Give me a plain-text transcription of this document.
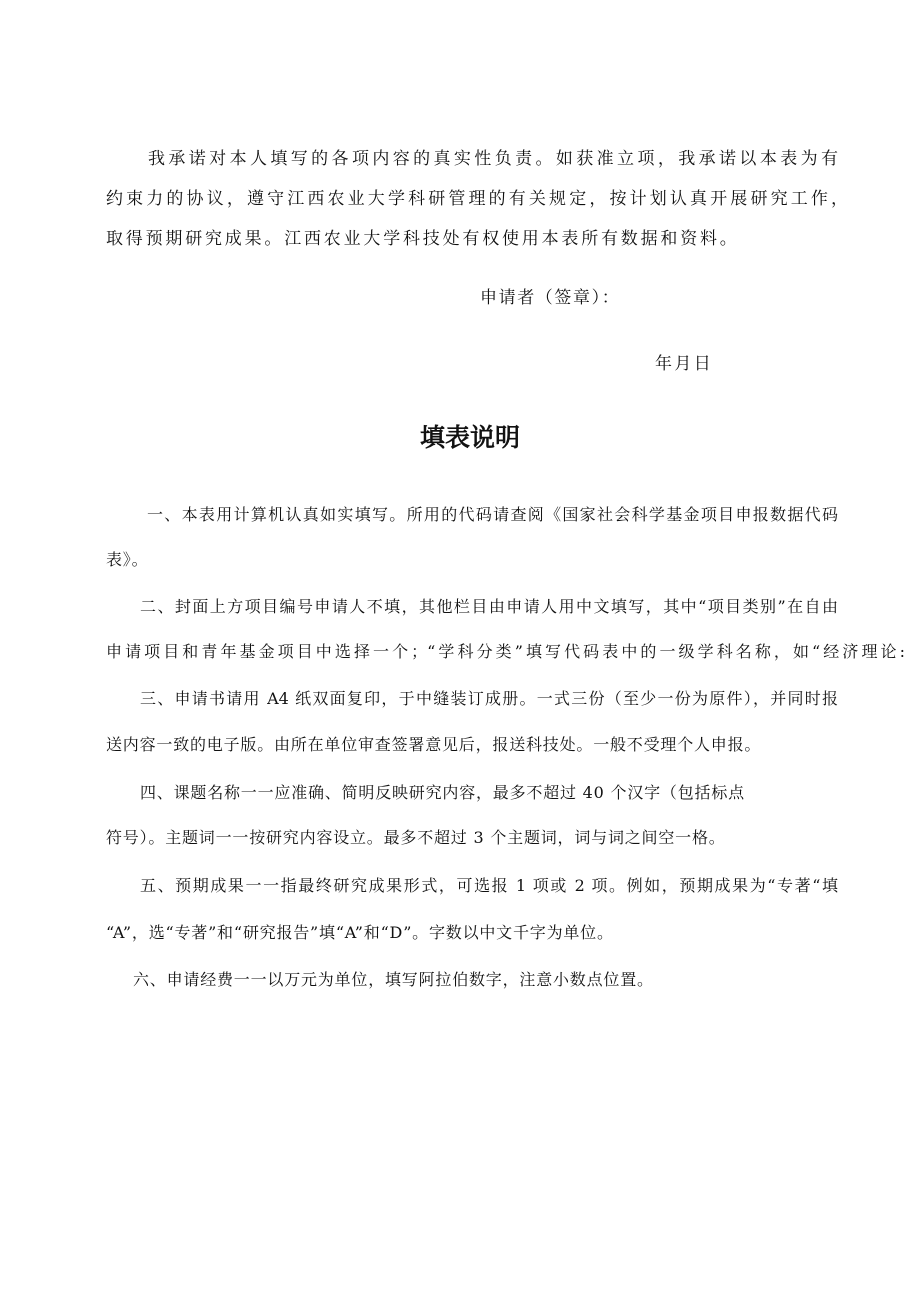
我承诺对本人填写的各项内容的真实性负责。如获准立项，我承诺以本表为有
约束力的协议，遵守江西农业大学科研管理的有关规定，按计划认真开展研究工作，
取得预期研究成果。江西农业大学科技处有权使用本表所有数据和资料。
申请者（签章）：
年月日
填表说明
一、本表用计算机认真如实填写。所用的代码请查阅《国家社会科学基金项目申报数据代码
表》。
二、封面上方项目编号申请人不填，其他栏目由申请人用中文填写，其中“项目类别”在自由
申请项目和青年基金项目中选择一个；“学科分类”填写代码表中的一级学科名称，如“经济理论:
三、申请书请用 A4 纸双面复印，于中缝装订成册。一式三份（至少一份为原件），并同时报
送内容一致的电子版。由所在单位审查签署意见后，报送科技处。一般不受理个人申报。
四、课题名称一一应准确、简明反映研究内容，最多不超过 40 个汉字（包括标点
符号）。主题词一一按研究内容设立。最多不超过 3 个主题词，词与词之间空一格。
五、预期成果一一指最终研究成果形式，可选报 1 项或 2 项。例如，预期成果为“专著“填
“A”，选“专著”和“研究报告”填“A”和“D”。字数以中文千字为单位。
六、申请经费一一以万元为单位，填写阿拉伯数字，注意小数点位置。
